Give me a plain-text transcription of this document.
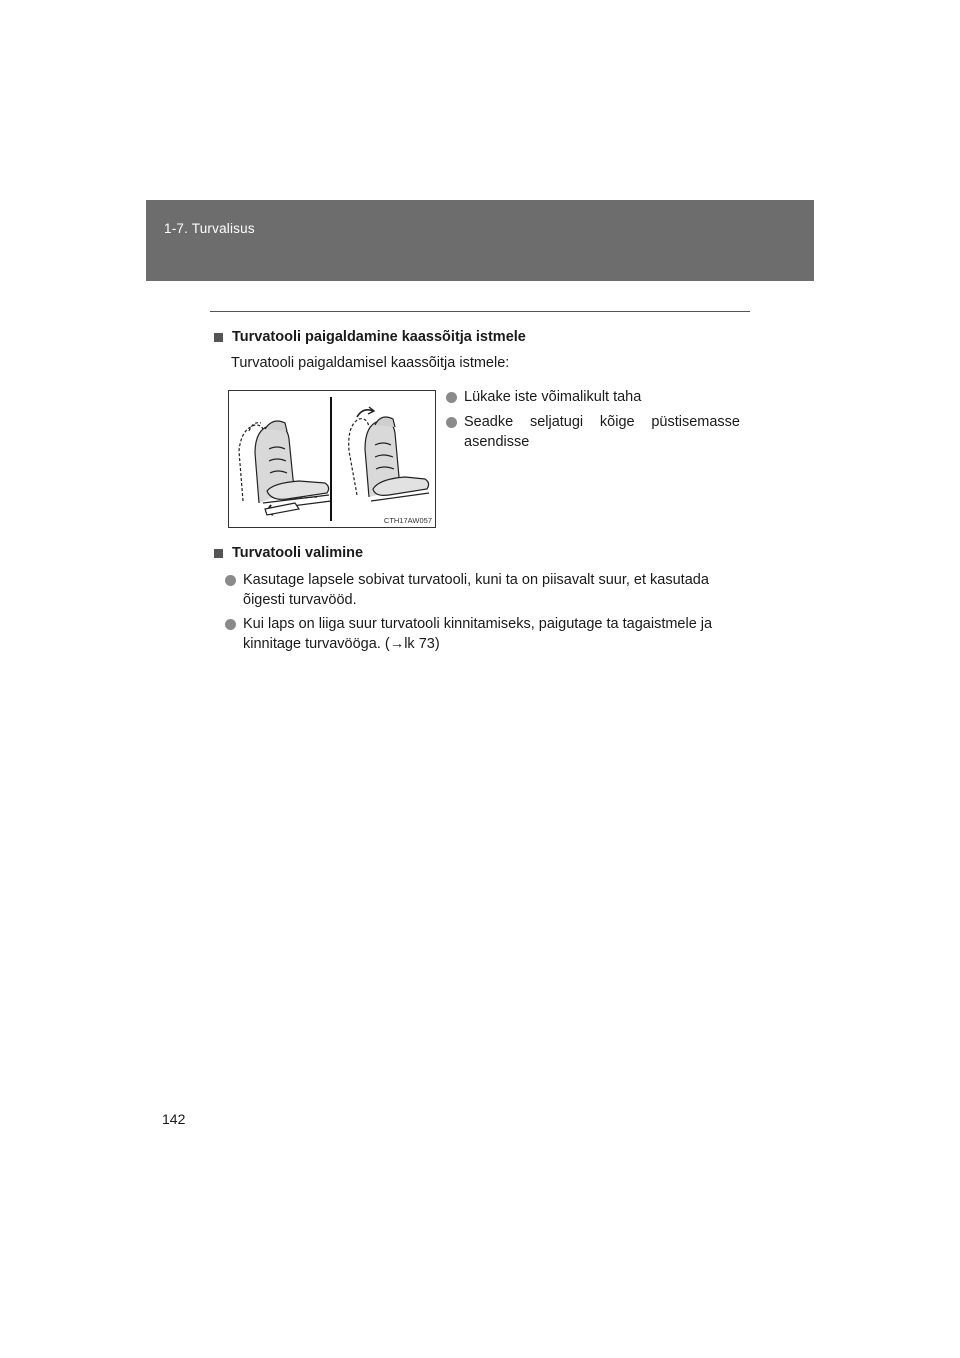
1-7. Turvalisus
Turvatooli paigaldamine kaassõitja istmele
Turvatooli paigaldamisel kaassõitja istmele:
CTH17AW057
Lükake iste võimalikult taha
Seadke seljatugi kõige püstisemasse asendisse
Turvatooli valimine
Kasutage lapsele sobivat turvatooli, kuni ta on piisavalt suur, et kasutada õigesti turvavööd.
Kui laps on liiga suur turvatooli kinnitamiseks, paigutage ta tagaistmele ja kinnitage turvavööga. (→lk 73)
142
